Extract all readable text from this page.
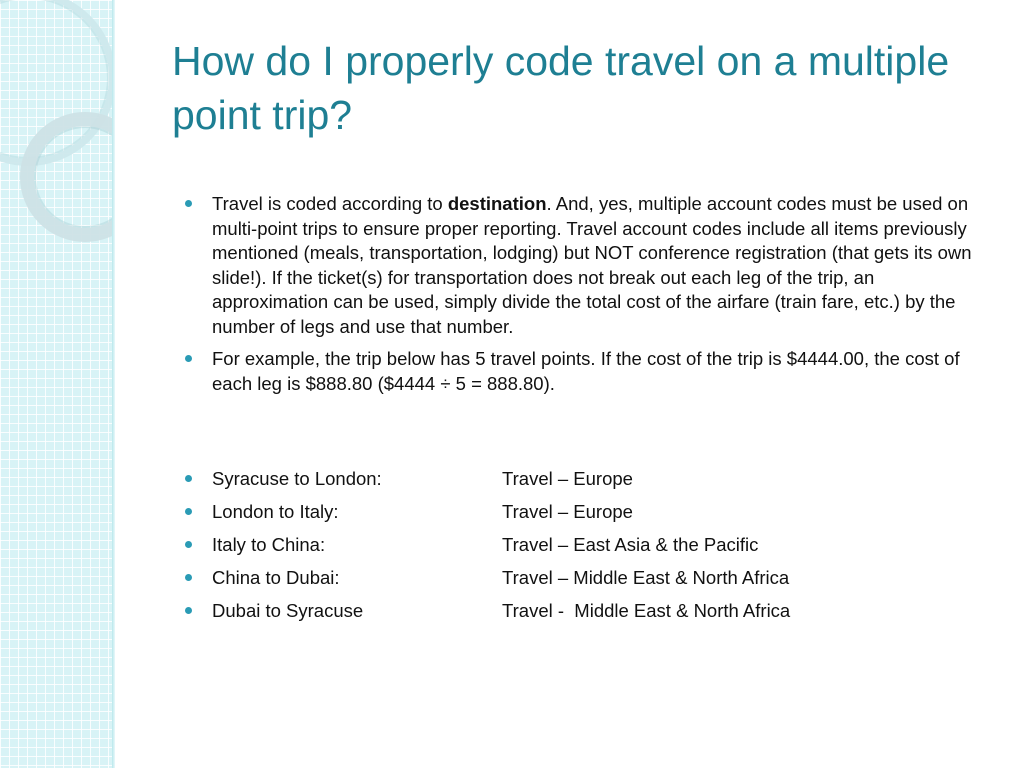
How do I properly code travel on a multiple point trip?
Travel is coded according to destination. And, yes, multiple account codes must be used on multi-point trips to ensure proper reporting. Travel account codes include all items previously mentioned (meals, transportation, lodging) but NOT conference registration (that gets its own slide!). If the ticket(s) for transportation does not break out each leg of the trip, an approximation can be used, simply divide the total cost of the airfare (train fare, etc.) by the number of legs and use that number.
For example, the trip below has 5 travel points. If the cost of the trip is $4444.00, the cost of each leg is $888.80 ($4444 ÷ 5 = 888.80).
Syracuse to London:	Travel – Europe
London to Italy:	Travel – Europe
Italy to China:	Travel – East Asia & the Pacific
China to Dubai:	Travel – Middle East & North Africa
Dubai to Syracuse	Travel -  Middle East & North Africa
